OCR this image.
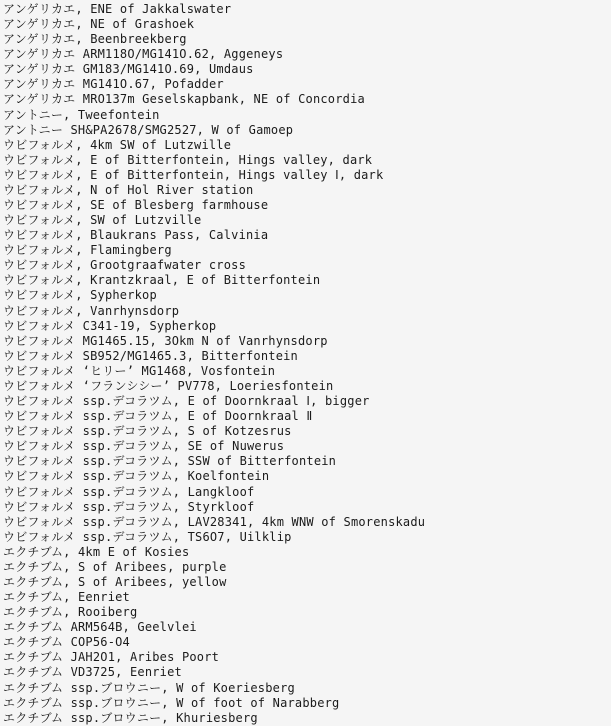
アンゲリカエ, ENE of Jakkalswater
アンゲリカエ, NE of Grashoek
アンゲリカエ, Beenbreekberg
アンゲリカエ ARM118O/MG141O.62, Aggeneys
アンゲリカエ GM183/MG141O.69, Umdaus
アンゲリカエ MG141O.67, Pofadder
アンゲリカエ MRO137m Geselskapbank, NE of Concordia
アントニー, Tweefontein
アントニー SH&PA2678/SMG2527, W of Gamoep
ウビフォルメ, 4km SW of Lutzwille
ウビフォルメ, E of Bitterfontein, Hings valley, dark
ウビフォルメ, E of Bitterfontein, Hings valley Ⅰ, dark
ウビフォルメ, N of Hol River station
ウビフォルメ, SE of Blesberg farmhouse
ウビフォルメ, SW of Lutzville
ウビフォルメ, Blaukrans Pass, Calvinia
ウビフォルメ, Flamingberg
ウビフォルメ, Grootgraafwater cross
ウビフォルメ, Krantzkraal, E of Bitterfontein
ウビフォルメ, Sypherkop
ウビフォルメ, Vanrhynsdorp
ウビフォルメ C341-19, Sypherkop
ウビフォルメ MG1465.15, 3Okm N of Vanrhynsdorp
ウビフォルメ SB952/MG1465.3, Bitterfontein
ウビフォルメ ‘ヒリー’ MG1468, Vosfontein
ウビフォルメ ‘フランシシー’ PV778, Loeriesfontein
ウビフォルメ ssp.デコラツム, E of Doornkraal Ⅰ, bigger
ウビフォルメ ssp.デコラツム, E of Doornkraal Ⅱ
ウビフォルメ ssp.デコラツム, S of Kotzesrus
ウビフォルメ ssp.デコラツム, SE of Nuwerus
ウビフォルメ ssp.デコラツム, SSW of Bitterfontein
ウビフォルメ ssp.デコラツム, Koelfontein
ウビフォルメ ssp.デコラツム, Langkloof
ウビフォルメ ssp.デコラツム, Styrkloof
ウビフォルメ ssp.デコラツム, LAV28341, 4km WNW of Smorenskadu
ウビフォルメ ssp.デコラツム, TS6O7, Uilklip
エクチブム, 4km E of Kosies
エクチブム, S of Aribees, purple
エクチブム, S of Aribees, yellow
エクチブム, Eenriet
エクチブム, Rooiberg
エクチブム ARM564B, Geelvlei
エクチブム COP56-O4
エクチブム JAH2O1, Aribes Poort
エクチブム VD3725, Eenriet
エクチブム ssp.ブロウニー, W of Koeriesberg
エクチブム ssp.ブロウニー, W of foot of Narabberg
エクチブム ssp.ブロウニー, Khuriesberg
